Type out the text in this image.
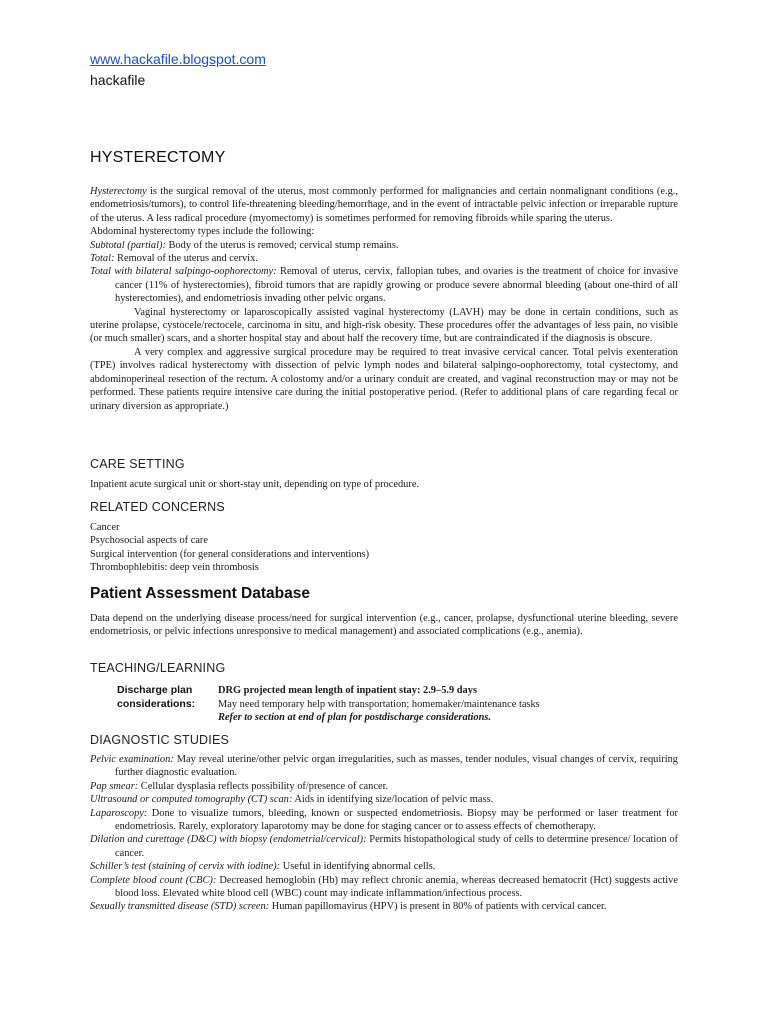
www.hackafile.blogspot.com
hackafile
HYSTERECTOMY

Hysterectomy is the surgical removal of the uterus, most commonly performed for malignancies and certain nonmalignant conditions (e.g., endometriosis/tumors), to control life-threatening bleeding/hemorrhage, and in the event of intractable pelvic infection or irreparable rupture of the uterus. A less radical procedure (myomectomy) is sometimes performed for removing fibroids while sparing the uterus.

Abdominal hysterectomy types include the following:

Subtotal (partial): Body of the uterus is removed; cervical stump remains.

Total: Removal of the uterus and cervix.

Total with bilateral salpingo-oophorectomy: Removal of uterus, cervix, fallopian tubes, and ovaries is the treatment of choice for invasive cancer (11% of hysterectomies), fibroid tumors that are rapidly growing or produce severe abnormal bleeding (about one-third of all hysterectomies), and endometriosis invading other pelvic organs.

Vaginal hysterectomy or laparoscopically assisted vaginal hysterectomy (LAVH) may be done in certain conditions, such as uterine prolapse, cystocele/rectocele, carcinoma in situ, and high-risk obesity. These procedures offer the advantages of less pain, no visible (or much smaller) scars, and a shorter hospital stay and about half the recovery time, but are contraindicated if the diagnosis is obscure.

A very complex and aggressive surgical procedure may be required to treat invasive cervical cancer. Total pelvis exenteration (TPE) involves radical hysterectomy with dissection of pelvic lymph nodes and bilateral salpingo-oophorectomy, total cystectomy, and abdominoperineal resection of the rectum. A colostomy and/or a urinary conduit are created, and vaginal reconstruction may or may not be performed. These patients require intensive care during the initial postoperative period. (Refer to additional plans of care regarding fecal or urinary diversion as appropriate.)

CARE SETTING
Inpatient acute surgical unit or short-stay unit, depending on type of procedure.
RELATED CONCERNS

Cancer

Psychosocial aspects of care

Surgical intervention (for general considerations and interventions)

Thrombophlebitis: deep vein thrombosis

Patient Assessment Database
Data depend on the underlying disease process/need for surgical intervention (e.g., cancer, prolapse, dysfunctional uterine bleeding, severe endometriosis, or pelvic infections unresponsive to medical management) and associated complications (e.g., anemia).
TEACHING/LEARNING
Discharge plan
considerations:

DRG projected mean length of inpatient stay: 2.9–5.9 days

May need temporary help with transportation; homemaker/maintenance tasks

Refer to section at end of plan for postdischarge considerations.

DIAGNOSTIC STUDIES

Pelvic examination: May reveal uterine/other pelvic organ irregularities, such as masses, tender nodules, visual changes of cervix, requiring further diagnostic evaluation.

Pap smear: Cellular dysplasia reflects possibility of/presence of cancer.

Ultrasound or computed tomography (CT) scan: Aids in identifying size/location of pelvic mass.

Laparoscopy: Done to visualize tumors, bleeding, known or suspected endometriosis. Biopsy may be performed or laser treatment for endometriosis. Rarely, exploratory laparotomy may be done for staging cancer or to assess effects of chemotherapy.

Dilation and curettage (D&C) with biopsy (endometrial/cervical): Permits histopathological study of cells to determine presence/ location of cancer.

Schiller’s test (staining of cervix with iodine): Useful in identifying abnormal cells.

Complete blood count (CBC): Decreased hemoglobin (Hb) may reflect chronic anemia, whereas decreased hematocrit (Hct) suggests active blood loss. Elevated white blood cell (WBC) count may indicate inflammation/infectious process.

Sexually transmitted disease (STD) screen: Human papillomavirus (HPV) is present in 80% of patients with cervical cancer.
